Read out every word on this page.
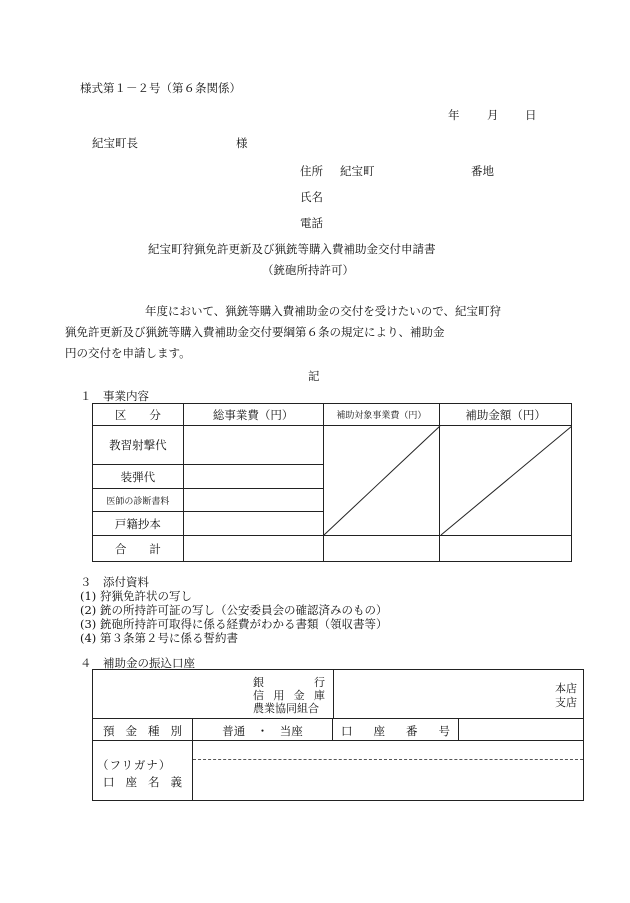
様式第１－２号（第６条関係）
年 月 日
紀宝町長	様
住所 紀宝町	番地
氏名
電話
紀宝町狩猟免許更新及び猟銃等購入費補助金交付申請書
（銃砲所持許可）
年度において、猟銃等購入費補助金の交付を受けたいので、紀宝町狩
猟免許更新及び猟銃等購入費補助金交付要綱第６条の規定により、補助金
円の交付を申請します。
記
１　事業内容
区　　分	総事業費（円）	補助対象事業費（円）	補助金額（円）
教習射撃代			
装弾代			
医師の診断書料			
戸籍抄本			
合　　計			
３　添付資料
(1) 狩猟免許状の写し
(2) 銃の所持許可証の写し（公安委員会の確認済みのもの）
(3) 銃砲所持許可取得に係る経費がわかる書類（領収書等）
(4) 第３条第２号に係る誓約書
４　補助金の振込口座
銀　　　行
信 用 金 庫
農業協同組合
本店
支店
預 金 種 別	普通　・　当座	口 座 番 号
（フリガナ）
口 座 名 義
